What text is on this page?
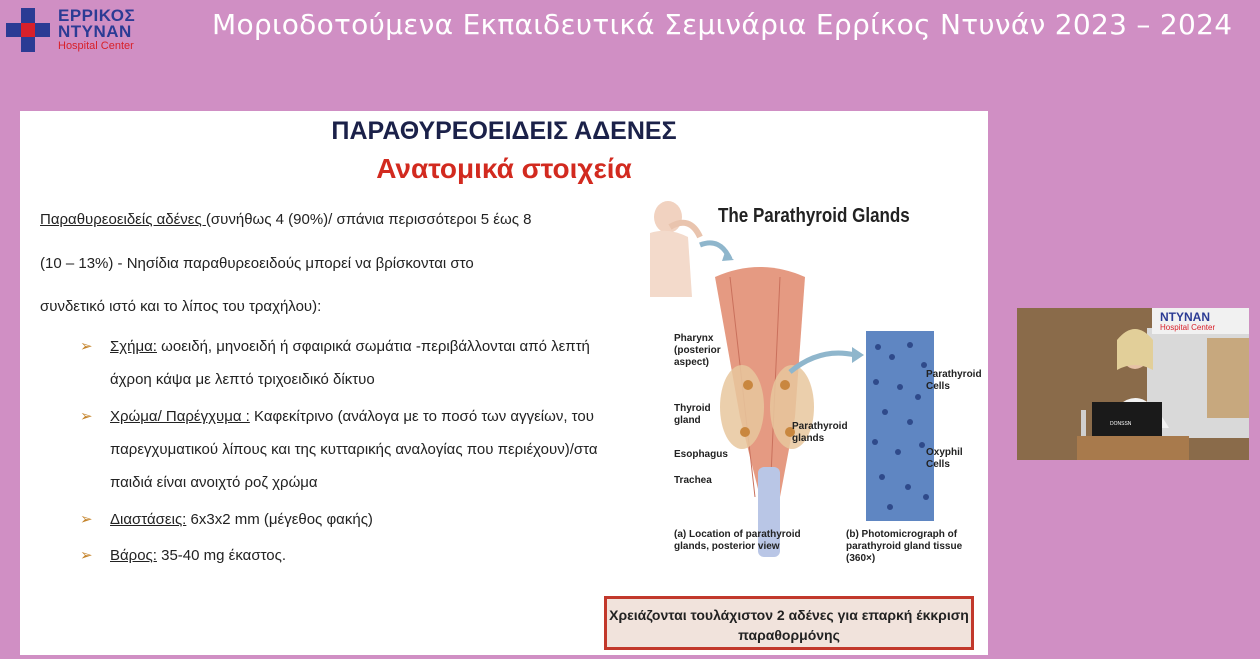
ΕΡΡΙΚΟΣ
ΝΤΥΝΑΝ
Hospital Center
Μοριοδοτούμενα Εκπαιδευτικά Σεμινάρια Ερρίκος Ντυνάν 2023 – 2024
ΠΑΡΑΘΥΡΕΟΕΙΔΕΙΣ ΑΔΕΝΕΣ
Ανατομικά στοιχεία
Παραθυρεοειδείς αδένες (συνήθως 4 (90%)/ σπάνια περισσότεροι 5 έως 8
(10 – 13%) - Νησίδια παραθυρεοειδούς μπορεί να βρίσκονται στο
συνδετικό ιστό και το λίπος του τραχήλου):
➢ Σχήμα: ωοειδή, μηνοειδή ή σφαιρικά σωμάτια -περιβάλλονται από λεπτή άχροη κάψα με λεπτό τριχοειδικό δίκτυο
➢ Χρώμα/ Παρέγχυμα : Καφεκίτρινο (ανάλογα με το ποσό των αγγείων, του παρεγχυματικού λίπους και της κυτταρικής αναλογίας που περιέχουν)/στα παιδιά είναι ανοιχτό ροζ χρώμα
➢ Διαστάσεις: 6x3x2 mm (μέγεθος φακής)
➢ Βάρος: 35-40 mg έκαστος.
The Parathyroid Glands
Pharynx (posterior aspect)
Thyroid gland
Esophagus
Trachea
Parathyroid glands
Parathyroid Cells
Oxyphil Cells
(a) Location of parathyroid glands, posterior view
(b) Photomicrograph of parathyroid gland tissue (360×)
Χρειάζονται τουλάχιστον 2 αδένες για επαρκή έκκριση παραθορμόνης
ΝΤΥΝΑΝ
Hospital Center
DONSSN
